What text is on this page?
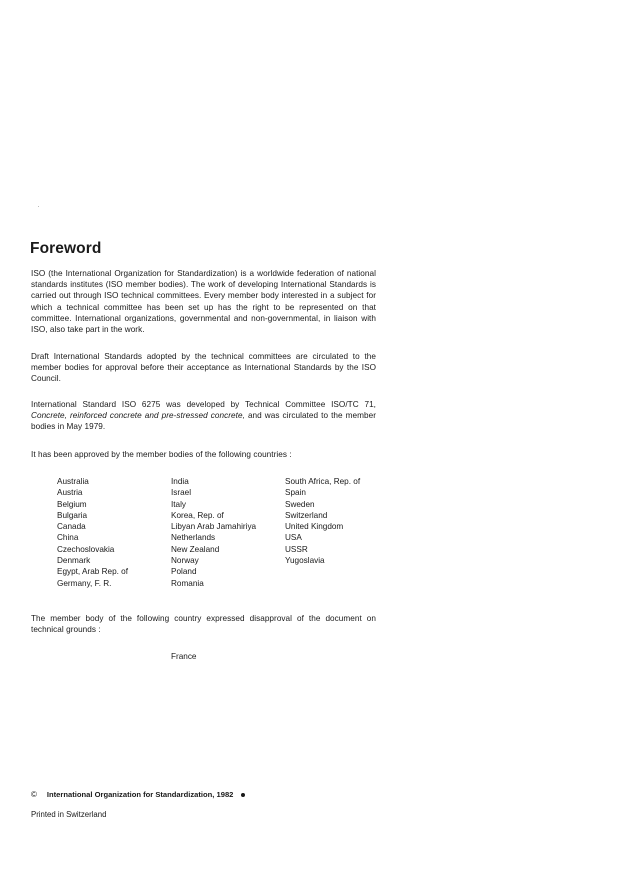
Foreword

ISO (the International Organization for Standardization) is a worldwide federation of national standards institutes (ISO member bodies). The work of developing International Standards is carried out through ISO technical committees. Every member body interested in a subject for which a technical committee has been set up has the right to be represented on that committee. International organizations, governmental and non-governmental, in liaison with ISO, also take part in the work.

Draft International Standards adopted by the technical committees are circulated to the member bodies for approval before their acceptance as International Standards by the ISO Council.

International Standard ISO 6275 was developed by Technical Committee ISO/TC 71, Concrete, reinforced concrete and pre-stressed concrete, and was circulated to the member bodies in May 1979.

It has been approved by the member bodies of the following countries :

Australia
Austria
Belgium
Bulgaria
Canada
China
Czechoslovakia
Denmark
Egypt, Arab Rep. of
Germany, F. R.
India
Israel
Italy
Korea, Rep. of
Libyan Arab Jamahiriya
Netherlands
New Zealand
Norway
Poland
Romania
South Africa, Rep. of
Spain
Sweden
Switzerland
United Kingdom
USA
USSR
Yugoslavia

The member body of the following country expressed disapproval of the document on technical grounds :

France
© International Organization for Standardization, 1982
Printed in Switzerland
